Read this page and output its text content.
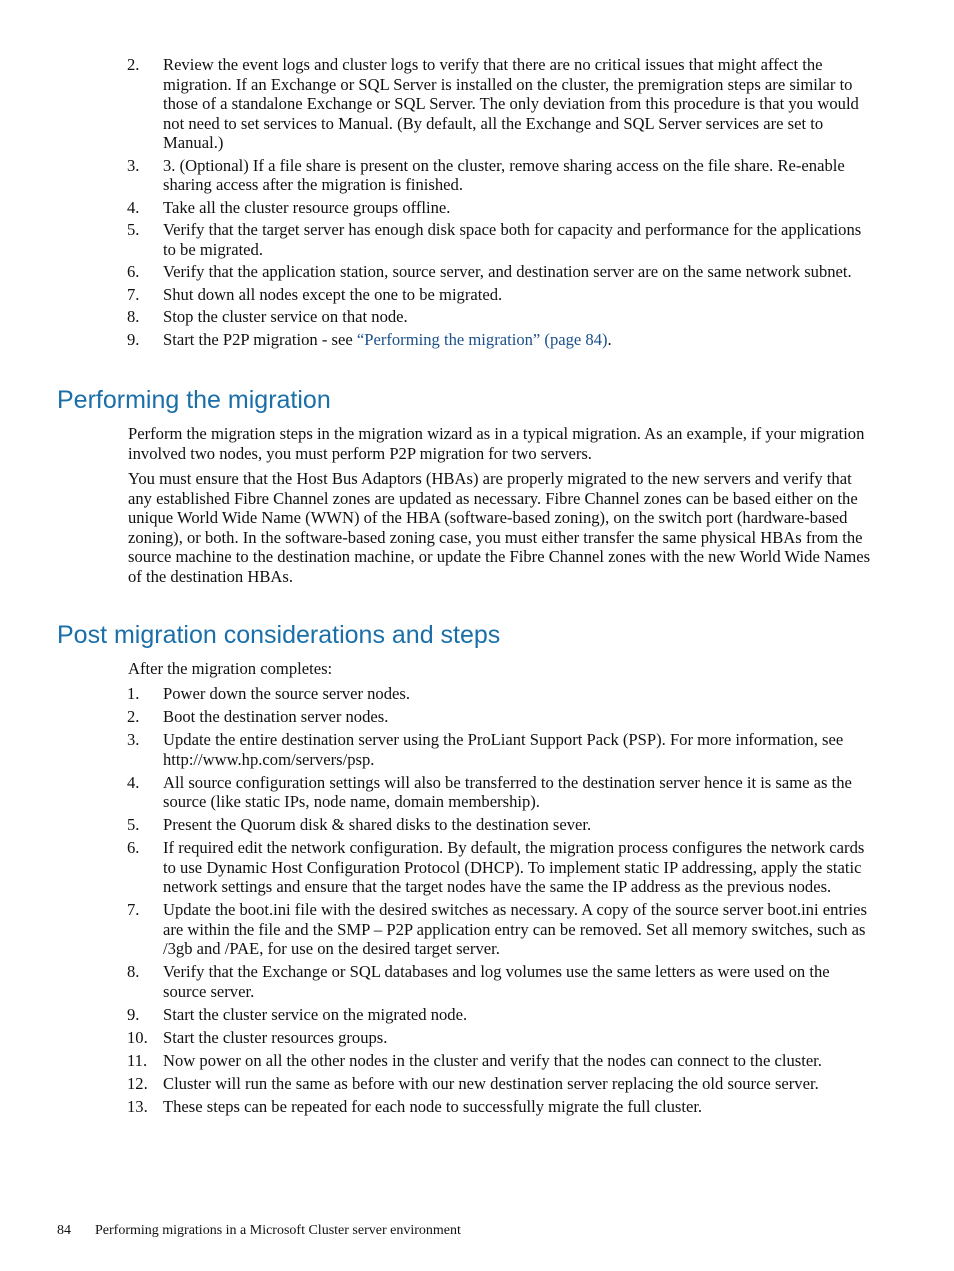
2. Review the event logs and cluster logs to verify that there are no critical issues that might affect the migration. If an Exchange or SQL Server is installed on the cluster, the premigration steps are similar to those of a standalone Exchange or SQL Server. The only deviation from this procedure is that you would not need to set services to Manual. (By default, all the Exchange and SQL Server services are set to Manual.)
3. 3. (Optional) If a file share is present on the cluster, remove sharing access on the file share. Re-enable sharing access after the migration is finished.
4. Take all the cluster resource groups offline.
5. Verify that the target server has enough disk space both for capacity and performance for the applications to be migrated.
6. Verify that the application station, source server, and destination server are on the same network subnet.
7. Shut down all nodes except the one to be migrated.
8. Stop the cluster service on that node.
9. Start the P2P migration - see “Performing the migration” (page 84).
Performing the migration

Perform the migration steps in the migration wizard as in a typical migration. As an example, if your migration involved two nodes, you must perform P2P migration for two servers.

You must ensure that the Host Bus Adaptors (HBAs) are properly migrated to the new servers and verify that any established Fibre Channel zones are updated as necessary. Fibre Channel zones can be based either on the unique World Wide Name (WWN) of the HBA (software-based zoning), on the switch port (hardware-based zoning), or both. In the software-based zoning case, you must either transfer the same physical HBAs from the source machine to the destination machine, or update the Fibre Channel zones with the new World Wide Names of the destination HBAs.

Post migration considerations and steps

After the migration completes:

1. Power down the source server nodes.
2. Boot the destination server nodes.
3. Update the entire destination server using the ProLiant Support Pack (PSP). For more information, see http://www.hp.com/servers/psp.
4. All source configuration settings will also be transferred to the destination server hence it is same as the source (like static IPs, node name, domain membership).
5. Present the Quorum disk & shared disks to the destination sever.
6. If required edit the network configuration. By default, the migration process configures the network cards to use Dynamic Host Configuration Protocol (DHCP). To implement static IP addressing, apply the static network settings and ensure that the target nodes have the same the IP address as the previous nodes.
7. Update the boot.ini file with the desired switches as necessary. A copy of the source server boot.ini entries are within the file and the SMP – P2P application entry can be removed. Set all memory switches, such as /3gb and /PAE, for use on the desired target server.
8. Verify that the Exchange or SQL databases and log volumes use the same letters as were used on the source server.
9. Start the cluster service on the migrated node.
10. Start the cluster resources groups.
11. Now power on all the other nodes in the cluster and verify that the nodes can connect to the cluster.
12. Cluster will run the same as before with our new destination server replacing the old source server.
13. These steps can be repeated for each node to successfully migrate the full cluster.
84 Performing migrations in a Microsoft Cluster server environment
